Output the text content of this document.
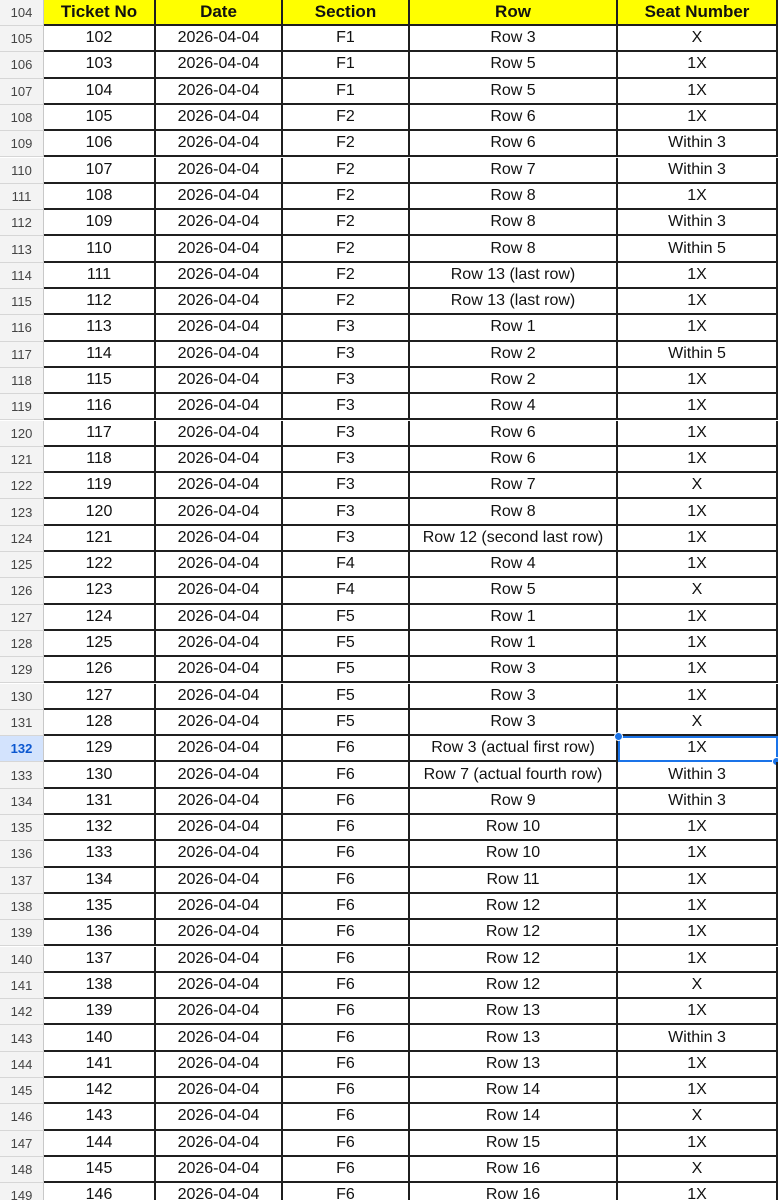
104	Ticket No	Date	Section	Row	Seat Number
105	102	2026-04-04	F1	Row 3	X
106	103	2026-04-04	F1	Row 5	1X
107	104	2026-04-04	F1	Row 5	1X
108	105	2026-04-04	F2	Row 6	1X
109	106	2026-04-04	F2	Row 6	Within 3
110	107	2026-04-04	F2	Row 7	Within 3
111	108	2026-04-04	F2	Row 8	1X
112	109	2026-04-04	F2	Row 8	Within 3
113	110	2026-04-04	F2	Row 8	Within 5
114	111	2026-04-04	F2	Row 13 (last row)	1X
115	112	2026-04-04	F2	Row 13 (last row)	1X
116	113	2026-04-04	F3	Row 1	1X
117	114	2026-04-04	F3	Row 2	Within 5
118	115	2026-04-04	F3	Row 2	1X
119	116	2026-04-04	F3	Row 4	1X
120	117	2026-04-04	F3	Row 6	1X
121	118	2026-04-04	F3	Row 6	1X
122	119	2026-04-04	F3	Row 7	X
123	120	2026-04-04	F3	Row 8	1X
124	121	2026-04-04	F3	Row 12 (second last row)	1X
125	122	2026-04-04	F4	Row 4	1X
126	123	2026-04-04	F4	Row 5	X
127	124	2026-04-04	F5	Row 1	1X
128	125	2026-04-04	F5	Row 1	1X
129	126	2026-04-04	F5	Row 3	1X
130	127	2026-04-04	F5	Row 3	1X
131	128	2026-04-04	F5	Row 3	X
132	129	2026-04-04	F6	Row 3 (actual first row)	1X
133	130	2026-04-04	F6	Row 7 (actual fourth row)	Within 3
134	131	2026-04-04	F6	Row 9	Within 3
135	132	2026-04-04	F6	Row 10	1X
136	133	2026-04-04	F6	Row 10	1X
137	134	2026-04-04	F6	Row 11	1X
138	135	2026-04-04	F6	Row 12	1X
139	136	2026-04-04	F6	Row 12	1X
140	137	2026-04-04	F6	Row 12	1X
141	138	2026-04-04	F6	Row 12	X
142	139	2026-04-04	F6	Row 13	1X
143	140	2026-04-04	F6	Row 13	Within 3
144	141	2026-04-04	F6	Row 13	1X
145	142	2026-04-04	F6	Row 14	1X
146	143	2026-04-04	F6	Row 14	X
147	144	2026-04-04	F6	Row 15	1X
148	145	2026-04-04	F6	Row 16	X
149	146	2026-04-04	F6	Row 16	1X
